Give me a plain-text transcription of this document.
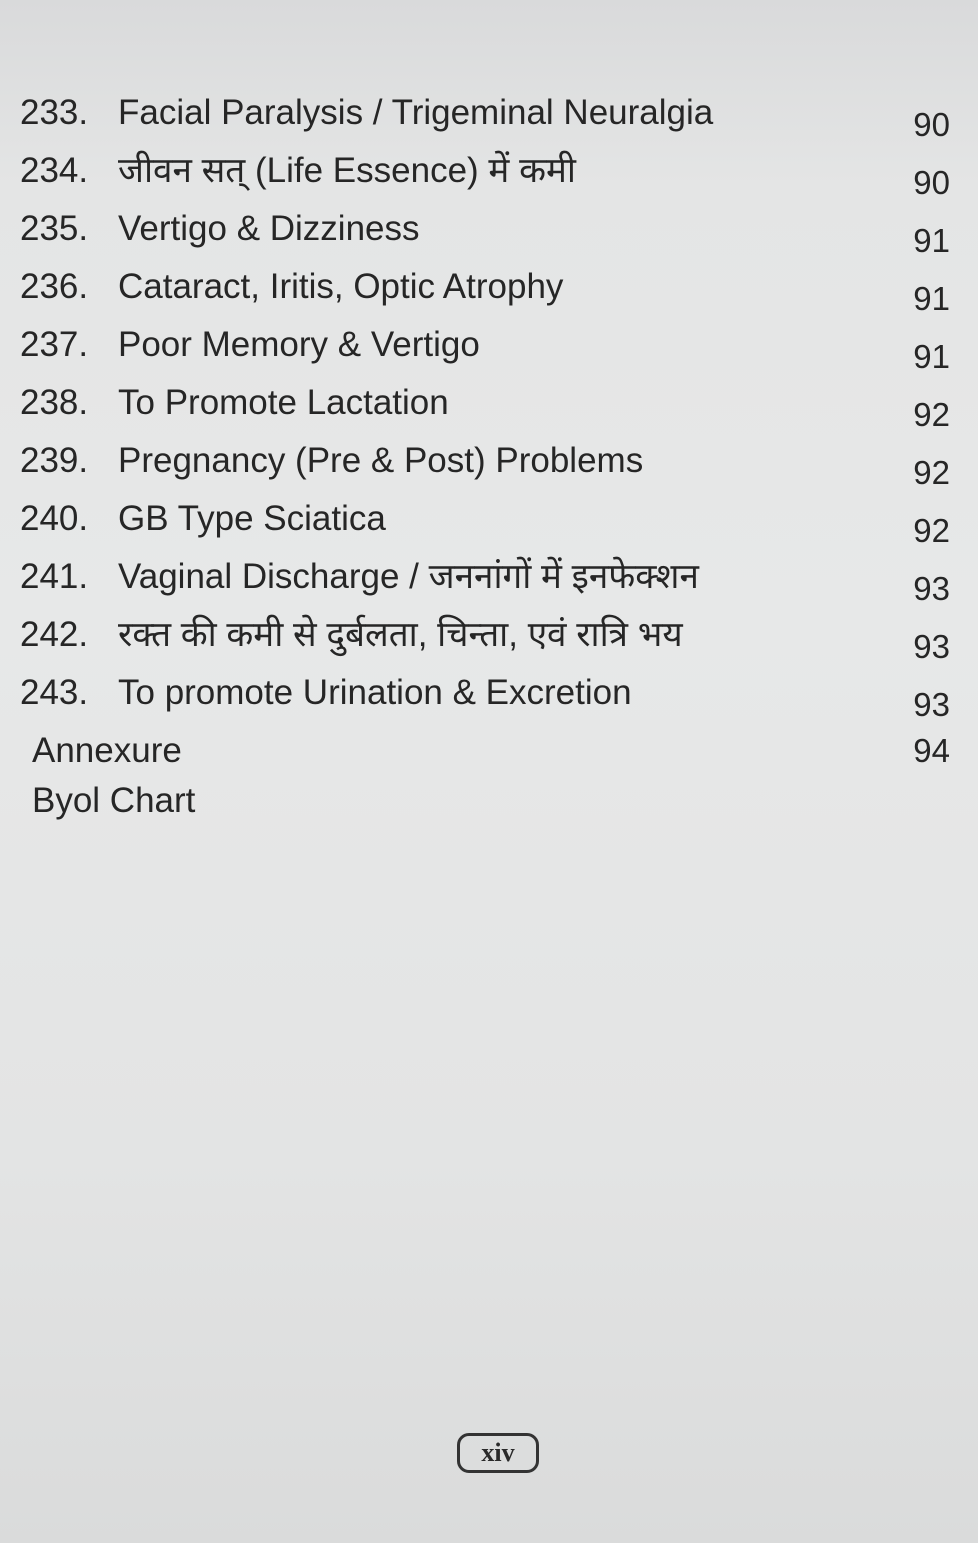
233. Facial Paralysis / Trigeminal Neuralgia	90
234. जीवन सत् (Life Essence) में कमी	90
235. Vertigo & Dizziness	91
236. Cataract, Iritis, Optic Atrophy	91
237. Poor Memory & Vertigo	91
238. To Promote Lactation	92
239. Pregnancy (Pre & Post) Problems	92
240. GB Type Sciatica	92
241. Vaginal Discharge / जननांगों में इनफेक्शन	93
242. रक्त की कमी से दुर्बलता, चिन्ता, एवं रात्रि भय	93
243. To promote Urination & Excretion	93
Annexure	94
Byol Chart
xiv
